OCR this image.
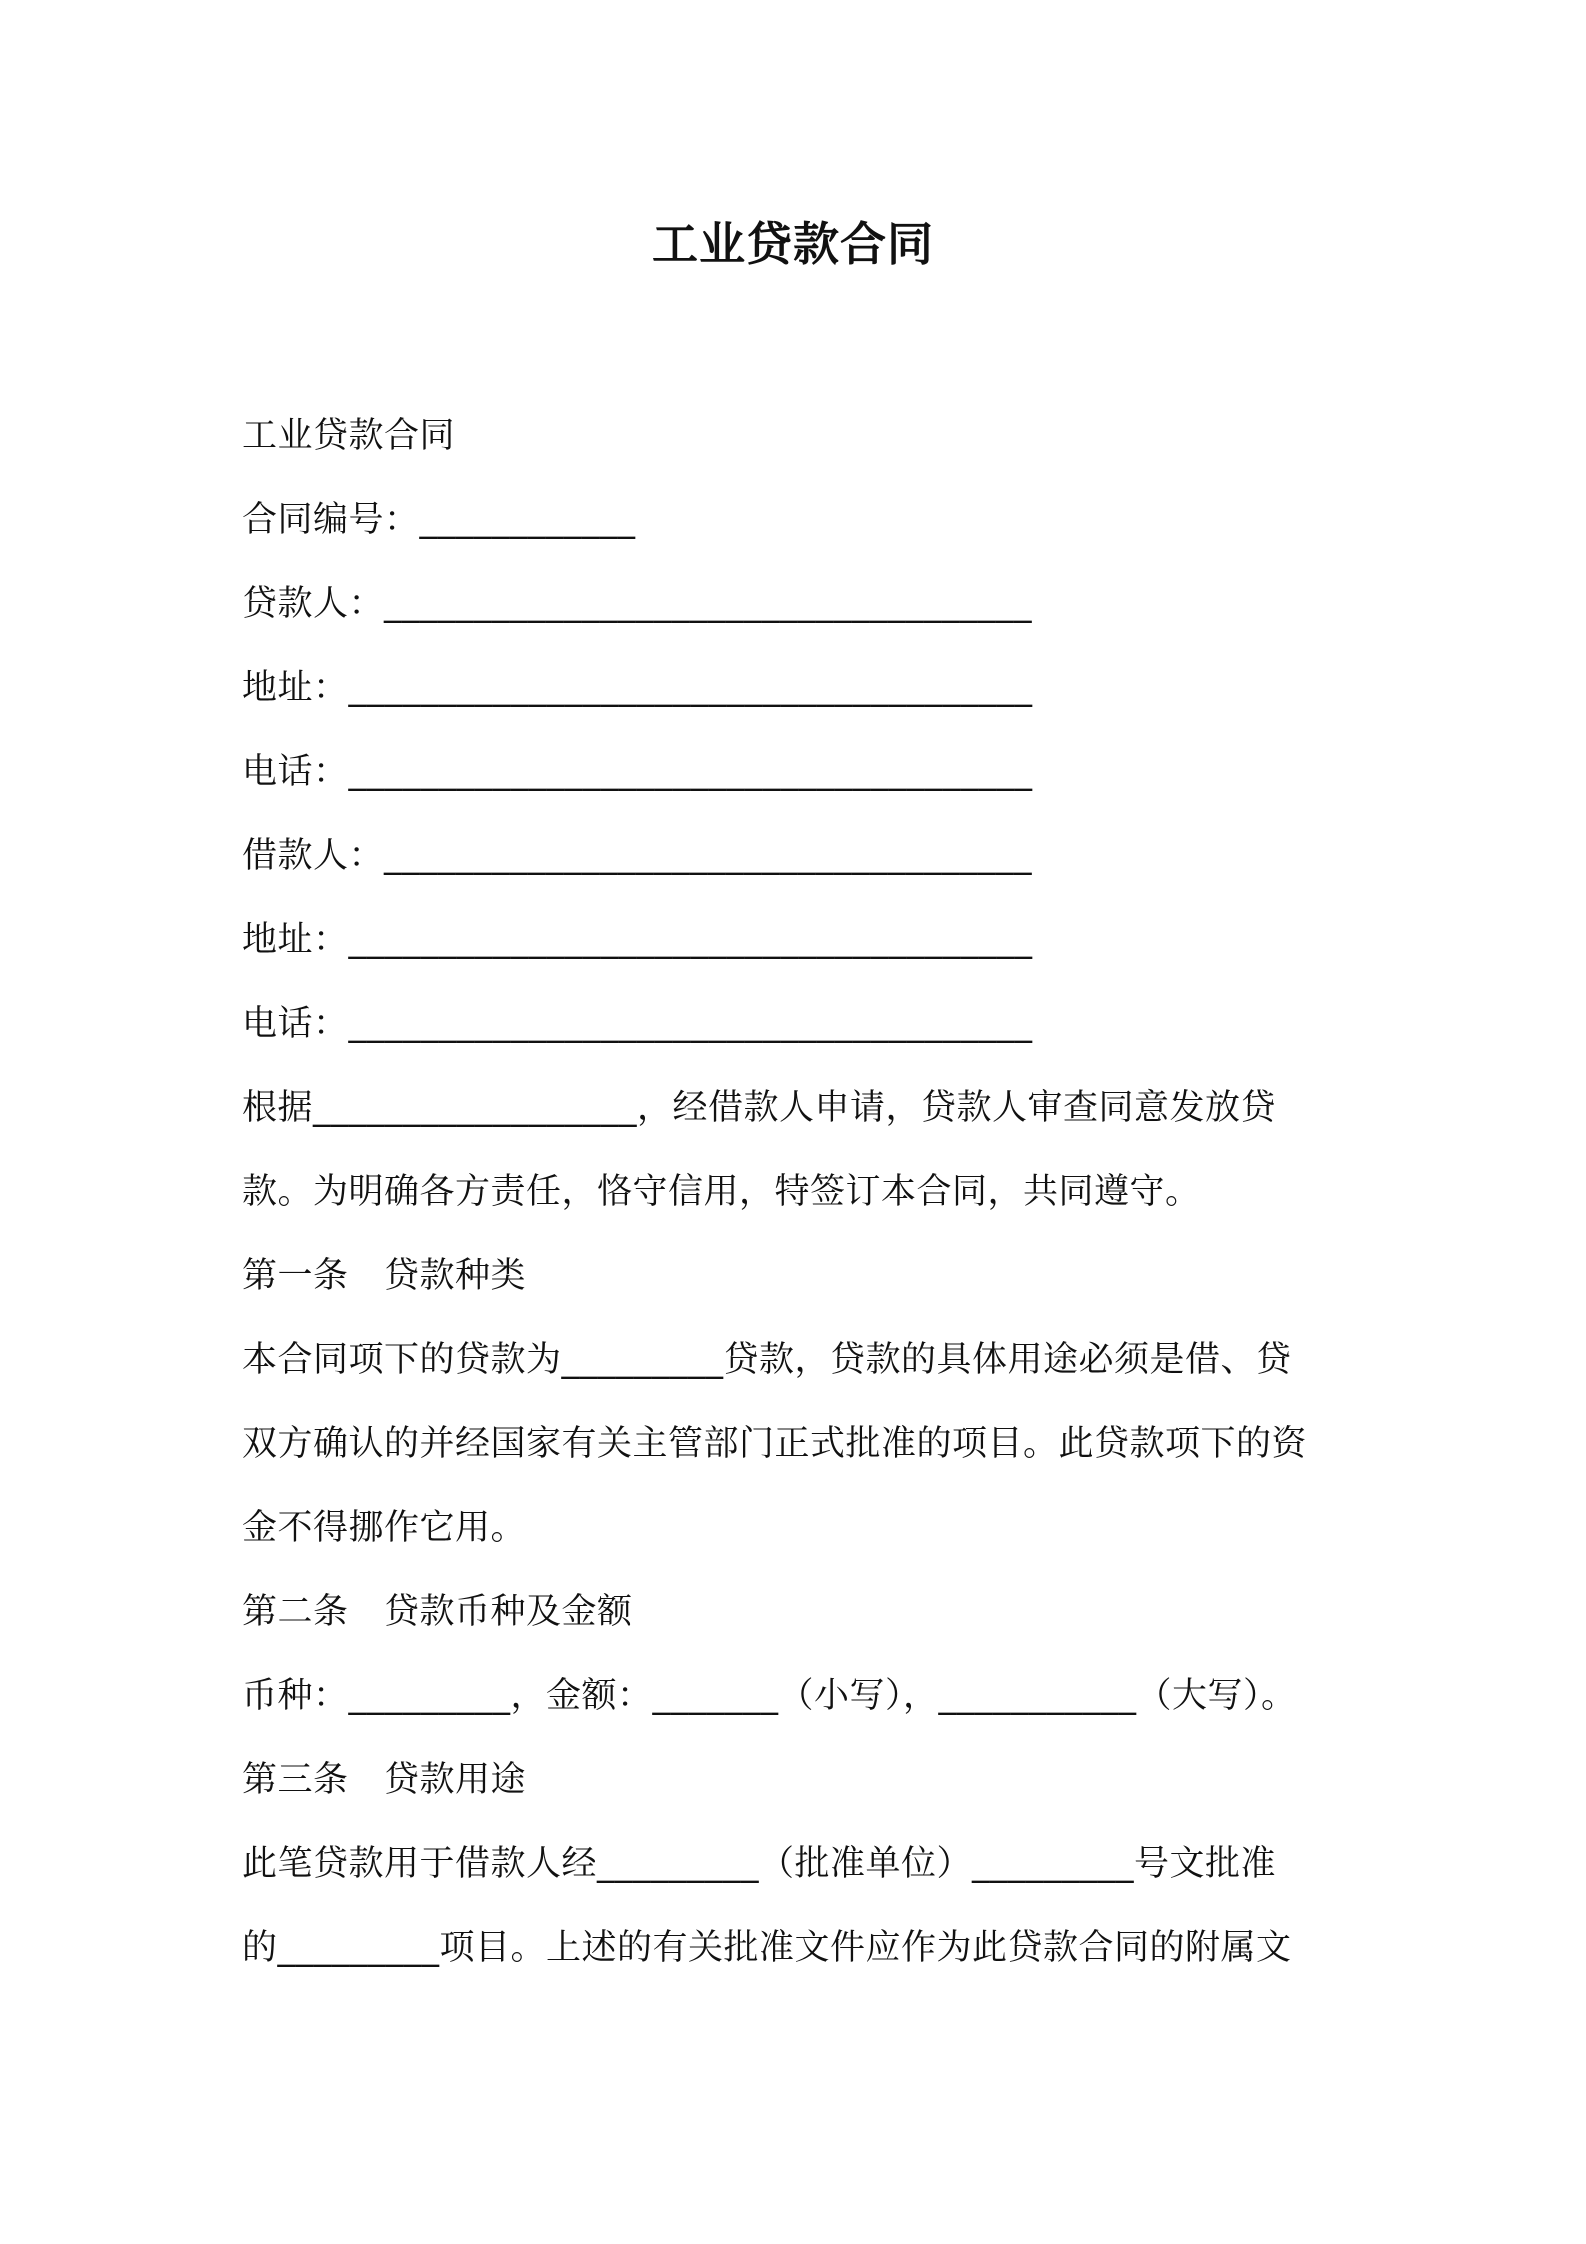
工业贷款合同
工业贷款合同
合同编号：____________
贷款人：____________________________________
地址：______________________________________
电话：______________________________________
借款人：____________________________________
地址：______________________________________
电话：______________________________________
根据__________________，经借款人申请，贷款人审查同意发放贷
款。为明确各方责任，恪守信用，特签订本合同，共同遵守。
第一条　贷款种类
本合同项下的贷款为_________贷款，贷款的具体用途必须是借、贷
双方确认的并经国家有关主管部门正式批准的项目。此贷款项下的资
金不得挪作它用。
第二条　贷款币种及金额
币种：_________，金额：_______（小写），___________（大写）。
第三条　贷款用途
此笔贷款用于借款人经_________（批准单位）_________号文批准
的_________项目。上述的有关批准文件应作为此贷款合同的附属文
